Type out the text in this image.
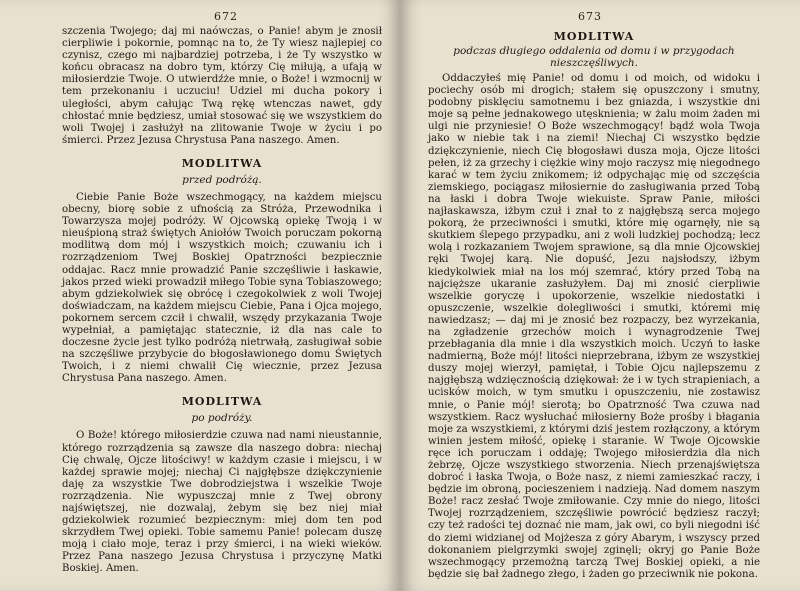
672

szczenia Twojego; daj mi naówczas, o Panie! abym je znosił cierpliwie i pokornie, pomnąc na to, że Ty wiesz najlepiej co czynisz, czego mi najbardziej potrzeba, i że Ty wszystko w końcu obracasz na dobro tym, którzy Cię miłują, a ufają w miłosierdzie Twoje. O utwierdźże mnie, o Boże! i wzmocnij w tem przekonaniu i uczuciu! Udziel mi ducha pokory i uległości, abym całując Twą rękę wtenczas nawet, gdy chłostać mnie będziesz, umiał stosować się we wszystkiem do woli Twojej i zasłużył na zlitowanie Twoje w życiu i po śmierci. Przez Jezusa Chrystusa Pana naszego. Amen.

MODLITWA
przed podróżą.

Ciebie Panie Boże wszechmogący, na każdem miejscu obecny, biorę sobie z ufnością za Stróża, Przewodnika i Towarzysza mojej podróży. W Ojcowską opiekę Twoją i w nieuśpioną straż świętych Aniołów Twoich poruczam pokorną modlitwą dom mój i wszystkich moich; czuwaniu ich i rozrządzeniom Twej Boskiej Opatrzności bezpiecznie oddajac. Racz mnie prowadzić Panie szczęśliwie i łaskawie, jakos przed wieki prowadził miłego Tobie syna Tobiaszowego; abym gdziekolwiek się obrócę i czegokolwiek z woli Twojej doświadczam, na każdem miejscu Ciebie, Pana i Ojca mojego, pokornem sercem czcił i chwalił, wszędy przykazania Twoje wypełniał, a pamiętając statecznie, iż dla nas cale to doczesne życie jest tylko podróżą nietrwałą, zasługiwał sobie na szczęśliwe przybycie do błogosławionego domu Świętych Twoich, i z niemi chwalił Cię wiecznie, przez Jezusa Chrystusa Pana naszego. Amen.

MODLITWA
po podróży.

O Boże! którego miłosierdzie czuwa nad nami nieustannie, którego rozrządzenia są zawsze dla naszego dobra: niechaj Cię chwalę, Ojcze litościwy! w każdym czasie i miejscu, i w każdej sprawie mojej; niechaj Ci najgłębsze dziękczynienie daję za wszystkie Twe dobrodziejstwa i wszelkie Twoje rozrządzenia. Nie wypuszczaj mnie z Twej obrony najświętszej, nie dozwalaj, żebym się bez niej miał gdziekolwiek rozumieć bezpiecznym: miej dom ten pod skrzydłem Twej opieki. Tobie samemu Panie! polecam duszę moją i ciało moje, teraz i przy śmierci, i na wieki wieków. Przez Pana naszego Jezusa Chrystusa i przyczynę Matki Boskiej. Amen.

673
MODLITWA
podczas długiego oddalenia od domu i w przygodach nieszczęśliwych.

Oddaczyłeś mię Panie! od domu i od moich, od widoku i pociechy osób mi drogich; stałem się opuszczony i smutny, podobny pisklęciu samotnemu i bez gniazda, i wszystkie dni moje są pełne jednakowego utęsknienia; w żalu moim żaden mi ulgi nie przyniesie! O Boże wszechmogący! bądź wola Twoja jako w niebie tak i na ziemi! Niechaj Ci wszystko będzie dziękczynienie, niech Cię błogosławi dusza moja, Ojcze litości pełen, iż za grzechy i ciężkie winy mojo raczysz mię niegodnego karać w tem życiu znikomem; iż odpychając mię od szczęścia ziemskiego, pociągasz miłosiernie do zasługiwania przed Tobą na łaski i dobra Twoje wiekuiste. Spraw Panie, miłości najłaskawsza, iżbym czuł i znał to z najgłębszą serca mojego pokorą, że przeciwności i smutki, które mię ogarnęły, nie są skutkiem ślepego przypadku, ani z woli ludzkiej pochodzą; lecz wolą i rozkazaniem Twojem sprawione, są dla mnie Ojcowskiej ręki Twojej karą. Nie dopuść, Jezu najsłodszy, iżbym kiedykolwiek miał na los mój szemrać, który przed Tobą na najcięższe ukaranie zasłużyłem. Daj mi znosić cierpliwie wszelkie goryczę i upokorzenie, wszelkie niedostatki i opuszczenie, wszelkie dolegliwości i smutki, któremi mię nawiedzasz; — daj mi je znosić bez rozpaczy, bez wyrzekania, na zgładzenie grzechów moich i wynagrodzenie Twej przebłagania dla mnie i dla wszystkich moich. Uczyń to łaske nadmierną, Boże mój! litości nieprzebrana, iżbym ze wszystkiej duszy mojej wierzył, pamiętał, i Tobie Ojcu najlepszemu z najgłębszą wdzięcznością dziękował: że i w tych strapieniach, a ucisków moich, w tym smutku i opuszczeniu, nie zostawisz mnie, o Panie mój! sierotą; bo Opatrzność Twa czuwa nad wszystkiem. Racz wysłuchać miłosierny Boże prośby i błagania moje za wszystkiemi, z którymi dziś jestem rozłączony, a którym winien jestem miłość, opiekę i staranie. W Twoje Ojcowskie ręce ich poruczam i oddaję; Twojego miłosierdzia dla nich żebrzę, Ojcze wszystkiego stworzenia. Niech przenajświętsza dobroć i łaska Twoja, o Boże nasz, z niemi zamieszkać raczy, i będzie im obroną, pocieszeniem i nadzieją. Nad domem naszym Boże! racz zesłać Twoje zmiłowanie. Czy mnie do niego, litości Twojej rozrządzeniem, szczęśliwie powrócić będziesz raczył; czy też radości tej doznać nie mam, jak owi, co byli niegodni iść do ziemi widzianej od Mojżesza z góry Abarym, i wszyscy przed dokonaniem pielgrzymki swojej zginęli; okryj go Panie Boże wszechmogący przemożną tarczą Twej Boskiej opieki, a nie będzie się bał żadnego złego, i żaden go przeciwnik nie pokona.
